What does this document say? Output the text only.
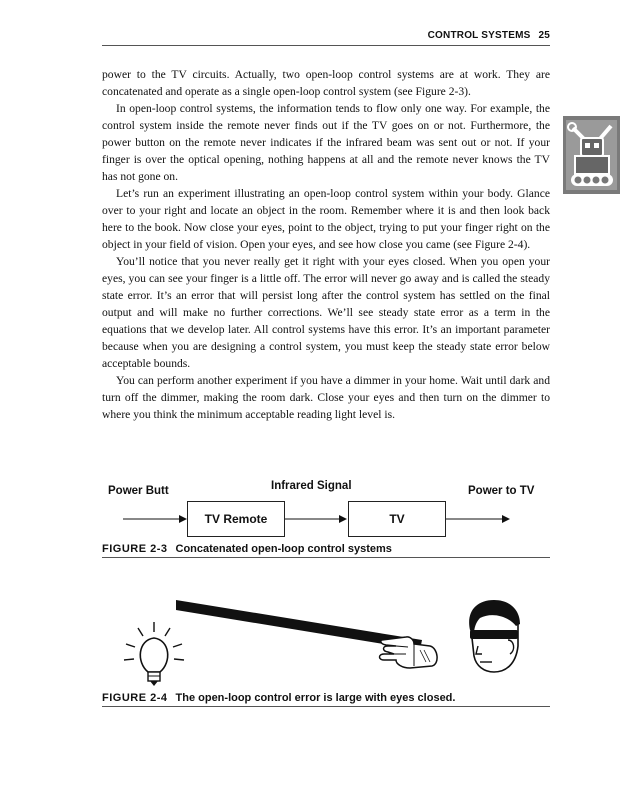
CONTROL SYSTEMS 25

power to the TV circuits. Actually, two open-loop control systems are at work. They are concatenated and operate as a single open-loop control system (see Figure 2-3).

In open-loop control systems, the information tends to flow only one way. For example, the control system inside the remote never finds out if the TV goes on or not. Furthermore, the power button on the remote never indicates if the infrared beam was sent out or not. If your finger is over the optical opening, nothing happens at all and the remote never knows the TV has not gone on.

Let’s run an experiment illustrating an open-loop control system within your body. Glance over to your right and locate an object in the room. Remember where it is and then look back here to the book. Now close your eyes, point to the object, trying to put your finger right on the object in your field of vision. Open your eyes, and see how close you came (see Figure 2-4).

You’ll notice that you never really get it right with your eyes closed. When you open your eyes, you can see your finger is a little off. The error will never go away and is called the steady state error. It’s an error that will persist long after the control system has settled on the final output and will make no further corrections. We’ll see steady state error as a term in the equations that we develop later. All control systems have this error. It’s an important parameter because when you are designing a control system, you must keep the steady state error below acceptable bounds.

You can perform another experiment if you have a dimmer in your home. Wait until dark and turn off the dimmer, making the room dark. Close your eyes and then turn on the dimmer to where you think the minimum acceptable reading light level is.

Power Butt	Infrared Signal	Power to TV
TV Remote	TV
FIGURE 2-3 Concatenated open-loop control systems
FIGURE 2-4 The open-loop control error is large with eyes closed.
